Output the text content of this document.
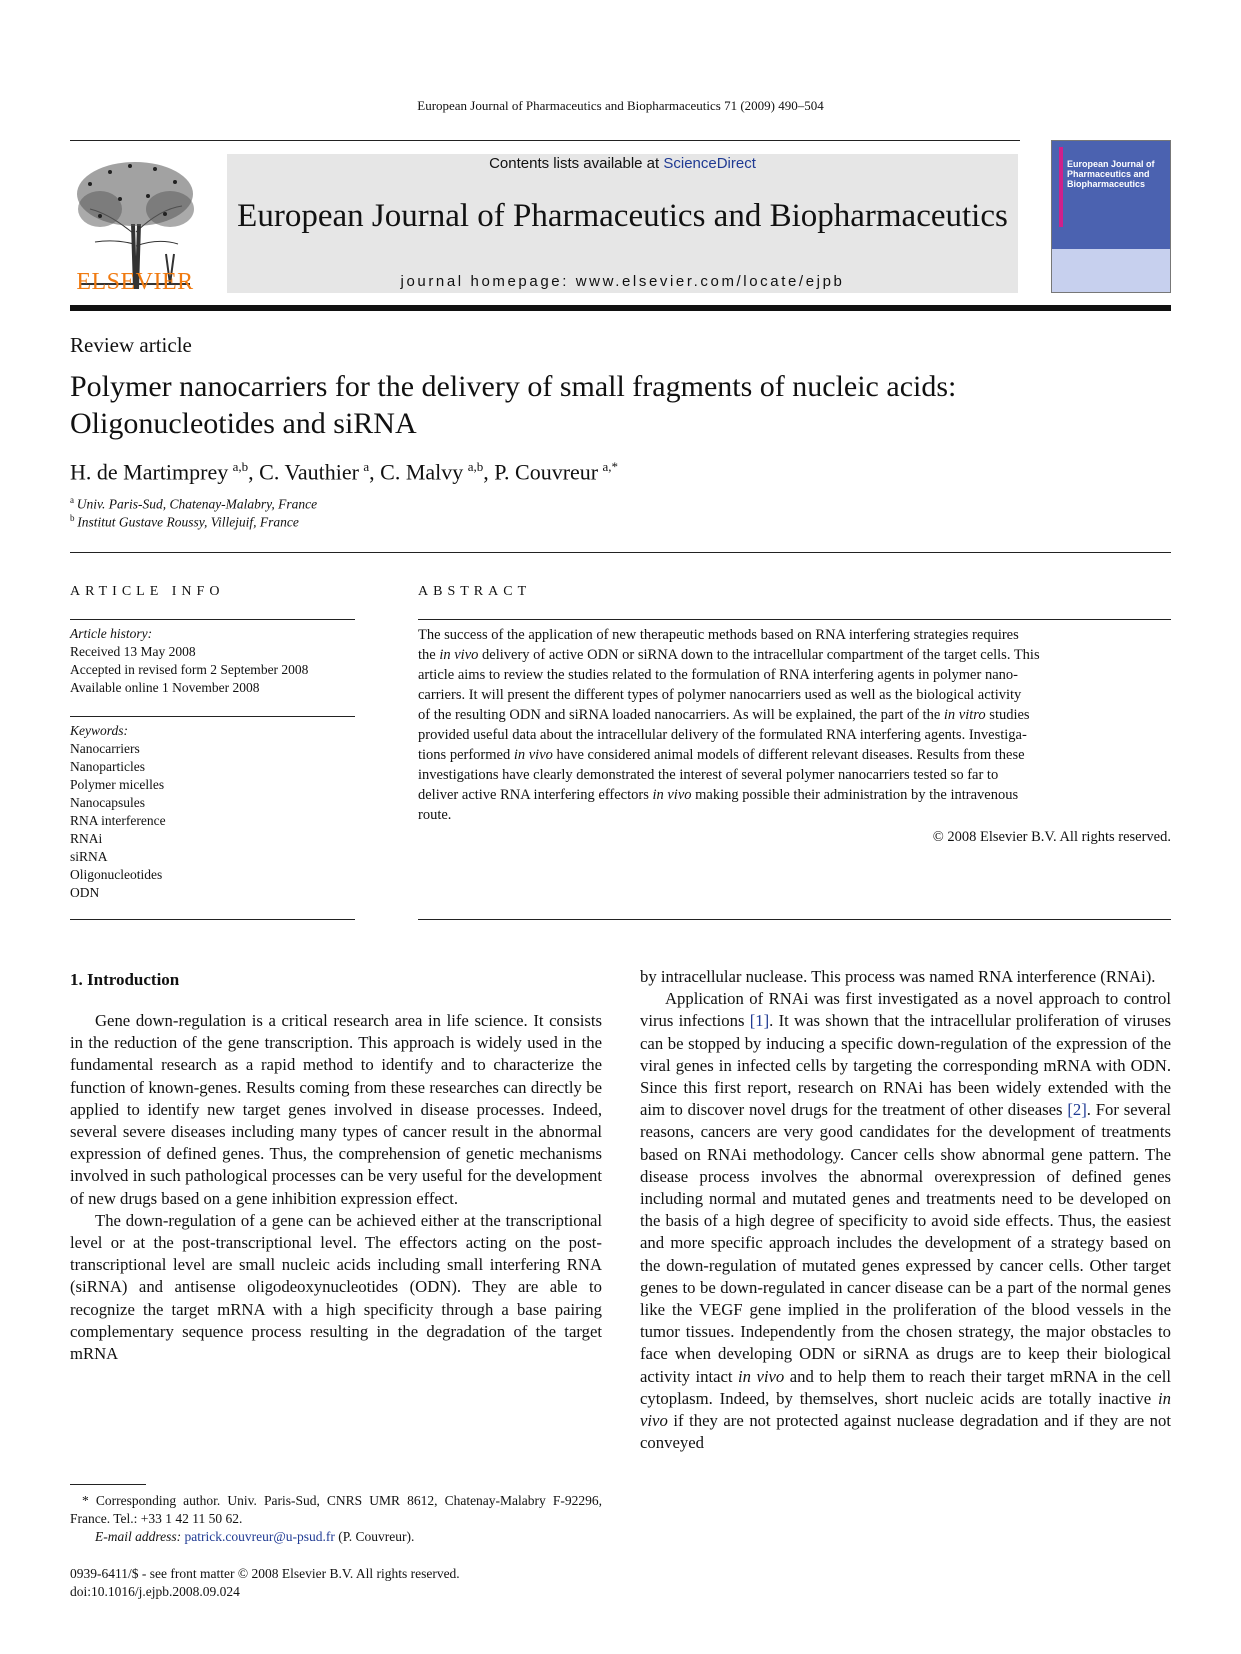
European Journal of Pharmaceutics and Biopharmaceutics 71 (2009) 490–504
ELSEVIER
Contents lists available at ScienceDirect
European Journal of Pharmaceutics and Biopharmaceutics
journal homepage: www.elsevier.com/locate/ejpb
European Journal of Pharmaceutics and Biopharmaceutics
Review article
Polymer nanocarriers for the delivery of small fragments of nucleic acids:
Oligonucleotides and siRNA
H. de Martimprey  $^{a,b}$, C. Vauthier  $^a$, C. Malvy  $^{a,b}$, P. Couvreur  $^{a,*}$
$^a$  Univ. Paris-Sud, Chatenay-Malabry, France
$^b$  Institut Gustave Roussy, Villejuif, France
ARTICLE INFO
Article history:
Received 13 May 2008
Accepted in revised form 2 September 2008
Available online 1 November 2008
Keywords:
Nanocarriers
Nanoparticles
Polymer micelles
Nanocapsules
RNA interference
RNAi
siRNA
Oligonucleotides
ODN
ABSTRACT
The success of the application of new therapeutic methods based on RNA interfering strategies requires
the in vivo delivery of active ODN or siRNA down to the intracellular compartment of the target cells. This
article aims to review the studies related to the formulation of RNA interfering agents in polymer nano-
carriers. It will present the different types of polymer nanocarriers used as well as the biological activity
of the resulting ODN and siRNA loaded nanocarriers. As will be explained, the part of the in vitro studies
provided useful data about the intracellular delivery of the formulated RNA interfering agents. Investiga-
tions performed in vivo have considered animal models of different relevant diseases. Results from these
investigations have clearly demonstrated the interest of several polymer nanocarriers tested so far to
deliver active RNA interfering effectors in vivo making possible their administration by the intravenous
route.
© 2008 Elsevier B.V. All rights reserved.
1. Introduction

Gene down-regulation is a critical research area in life science. It consists in the reduction of the gene transcription. This approach is widely used in the fundamental research as a rapid method to identify and to characterize the function of known-genes. Results coming from these researches can directly be applied to identify new target genes involved in disease processes. Indeed, several severe diseases including many types of cancer result in the abnormal expression of defined genes. Thus, the comprehension of genetic mechanisms involved in such pathological processes can be very useful for the development of new drugs based on a gene inhibition expression effect.

The down-regulation of a gene can be achieved either at the transcriptional level or at the post-transcriptional level. The effectors acting on the post-transcriptional level are small nucleic acids including small interfering RNA (siRNA) and antisense oligodeoxynucleotides (ODN). They are able to recognize the target mRNA with a high specificity through a base pairing complementary sequence process resulting in the degradation of the target mRNA

by intracellular nuclease. This process was named RNA interference (RNAi).

Application of RNAi was first investigated as a novel approach to control virus infections [1]. It was shown that the intracellular proliferation of viruses can be stopped by inducing a specific down-regulation of the expression of the viral genes in infected cells by targeting the corresponding mRNA with ODN. Since this first report, research on RNAi has been widely extended with the aim to discover novel drugs for the treatment of other diseases [2]. For several reasons, cancers are very good candidates for the development of treatments based on RNAi methodology. Cancer cells show abnormal gene pattern. The disease process involves the abnormal overexpression of defined genes including normal and mutated genes and treatments need to be developed on the basis of a high degree of specificity to avoid side effects. Thus, the easiest and more specific approach includes the development of a strategy based on the down-regulation of mutated genes expressed by cancer cells. Other target genes to be down-regulated in cancer disease can be a part of the normal genes like the VEGF gene implied in the proliferation of the blood vessels in the tumor tissues. Independently from the chosen strategy, the major obstacles to face when developing ODN or siRNA as drugs are to keep their biological activity intact in vivo and to help them to reach their target mRNA in the cell cytoplasm. Indeed, by themselves, short nucleic acids are totally inactive in vivo if they are not protected against nuclease degradation and if they are not conveyed

* Corresponding author. Univ. Paris-Sud, CNRS UMR 8612, Chatenay-Malabry F-92296, France. Tel.: +33 1 42 11 50 62.
E-mail address: patrick.couvreur@u-psud.fr (P. Couvreur).
0939-6411/$ - see front matter © 2008 Elsevier B.V. All rights reserved.
doi:10.1016/j.ejpb.2008.09.024
